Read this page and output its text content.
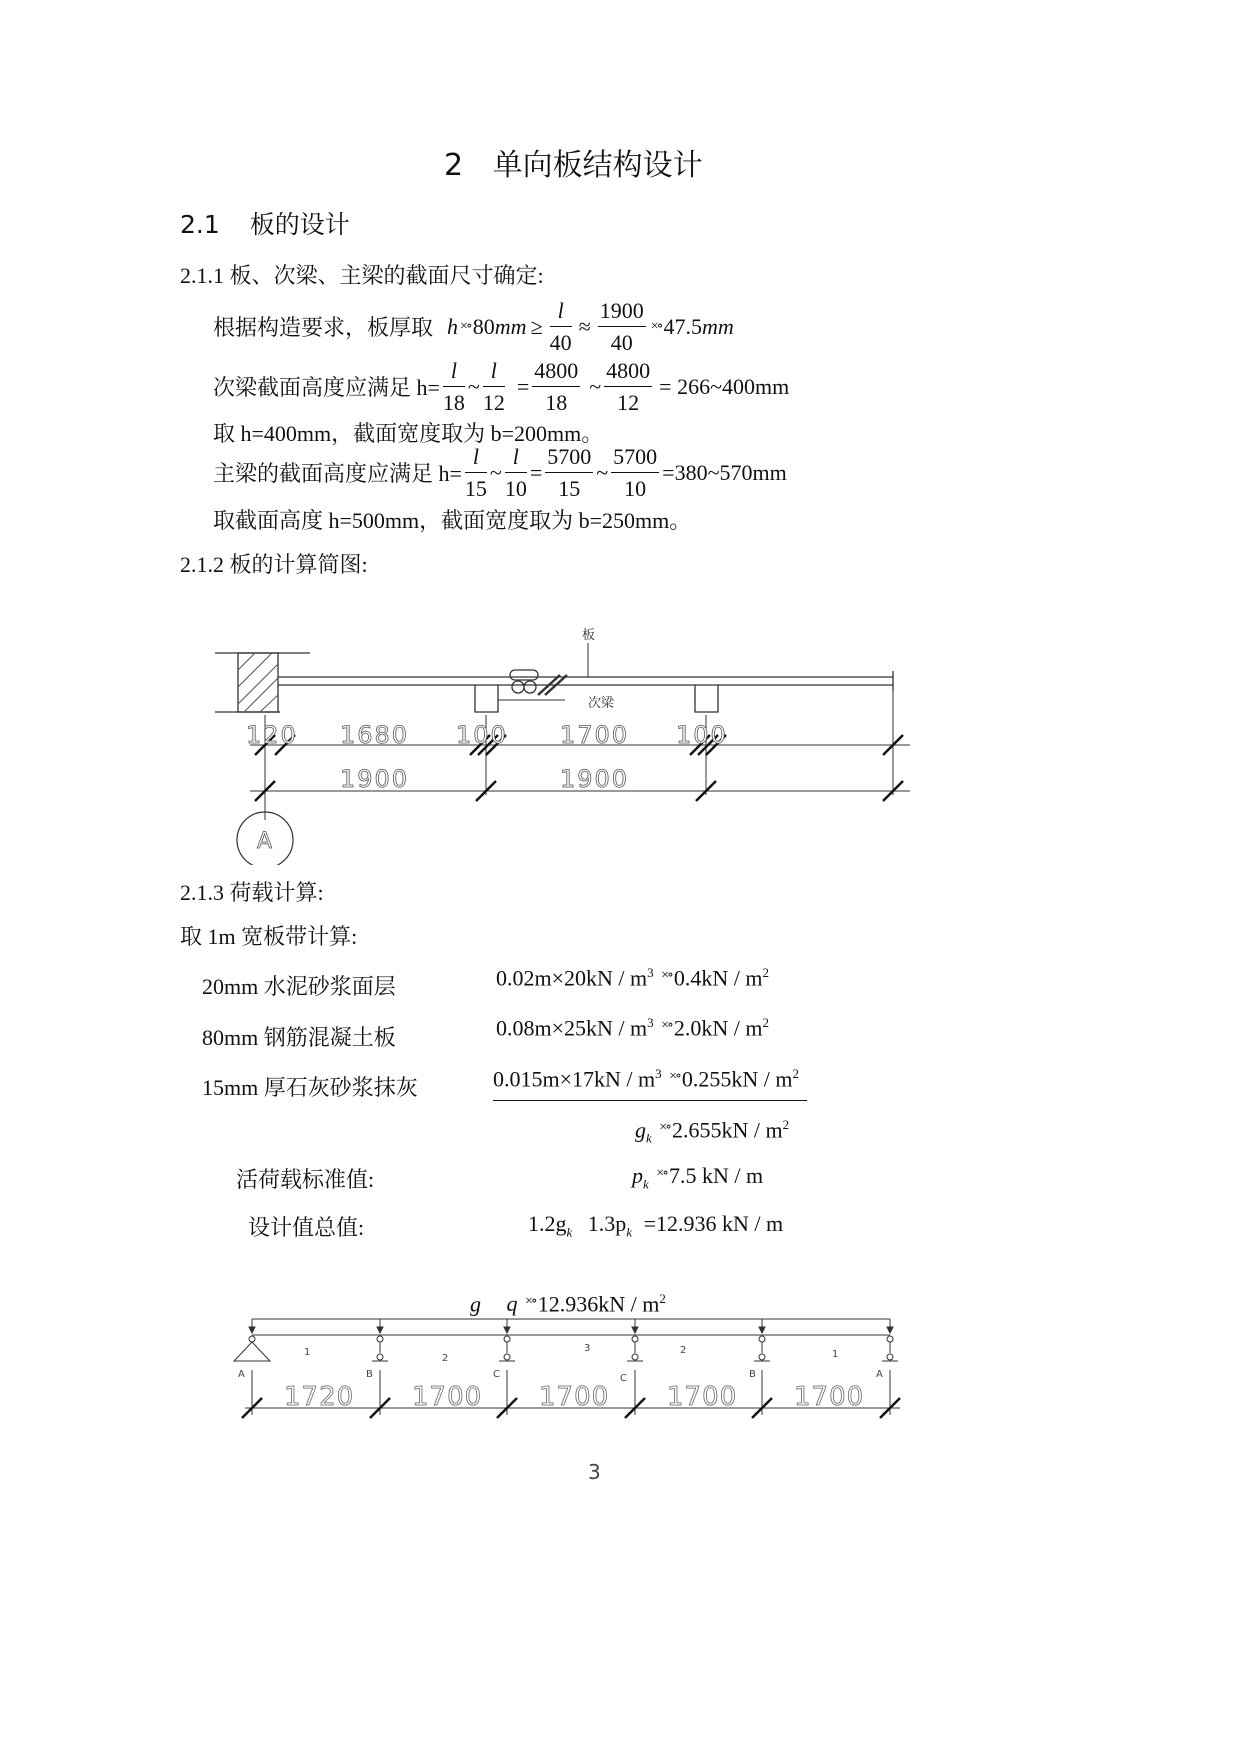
2 单向板结构设计
2.1 板的设计
2.1.1 板、次梁、主梁的截面尺寸确定:
根据构造要求，板厚取 h ×∘ 80 mm ≥ $\frac{l}{40} \approx \frac{1900}{40}$ ×∘ 47.5 mm
次梁截面高度应满足 $h= \frac{l}{18}$ ~ $\frac{l}{12} = \frac{4800}{18}$ ~ $\frac{4800}{12}$ = 266~400mm
取 h=400mm，截面宽度取为 b=200mm。
主梁的截面高度应满足 $h= \frac{l}{15}$ ~ $\frac{l}{10} = \frac{5700}{15}$ ~ $\frac{5700}{10}$ =380~570mm
取截面高度 h=500mm，截面宽度取为 b=250mm。
2.1.2 板的计算简图:
板
次梁
120 1680 100 1700 100
1900	1900
A
2.1.3 荷载计算:
取 1m 宽板带计算:
20mm 水泥砂浆面层	$0.02m\times 20kN / m^3$ $^{\times\circ}0.4kN / m^2$
80mm 钢筋混凝土板	$0.08m\times 25kN / m^3$ $^{\times\circ}2.0kN / m^2$
15mm 厚石灰砂浆抹灰	$0.015m\times 17kN / m^3$ $^{\times\circ}0.255kN / m^2$
$g_k$ $^{\times\circ}2.655kN / m^2$
活荷载标准值:	$p_k$ ×∘7.5 kN / m
设计值总值:	$1.2g_k$ $1.3p_k =12.936$ kN / m
g q $^{\times\circ}12.936kN / m^2$
A	B	C	C	B	A
1
2
3	2	1
1720 1700 1700 1700 1700
3
